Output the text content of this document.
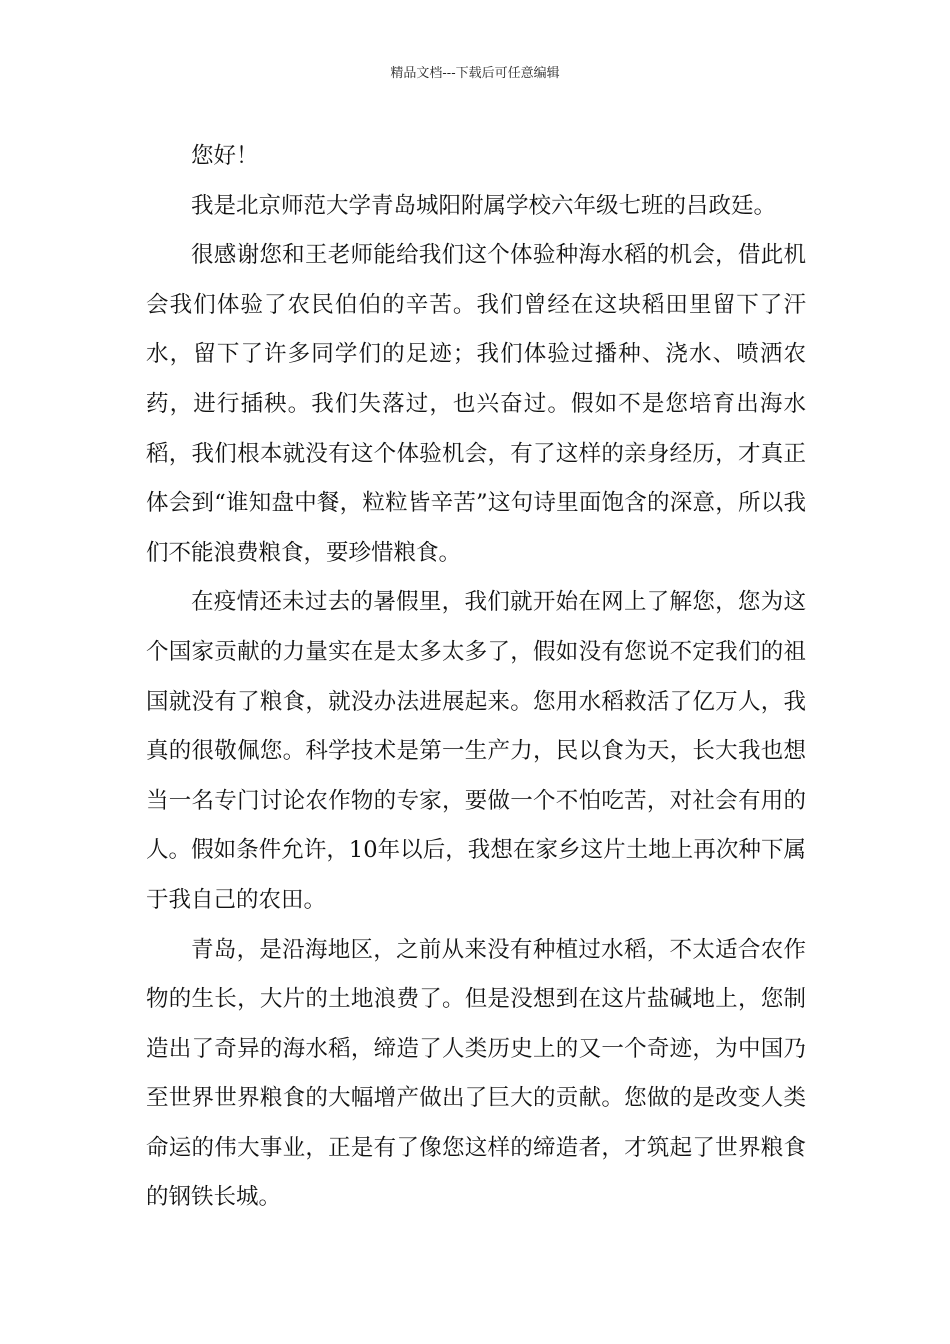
精品文档---下载后可任意编辑

您好！

我是北京师范大学青岛城阳附属学校六年级七班的吕政廷。

很感谢您和王老师能给我们这个体验种海水稻的机会，借此机会我们体验了农民伯伯的辛苦。我们曾经在这块稻田里留下了汗水，留下了许多同学们的足迹；我们体验过播种、浇水、喷洒农药，进行插秧。我们失落过，也兴奋过。假如不是您培育出海水稻，我们根本就没有这个体验机会，有了这样的亲身经历，才真正体会到“谁知盘中餐，粒粒皆辛苦”这句诗里面饱含的深意，所以我们不能浪费粮食，要珍惜粮食。

在疫情还未过去的暑假里，我们就开始在网上了解您，您为这个国家贡献的力量实在是太多太多了，假如没有您说不定我们的祖国就没有了粮食，就没办法进展起来。您用水稻救活了亿万人，我真的很敬佩您。科学技术是第一生产力，民以食为天，长大我也想当一名专门讨论农作物的专家，要做一个不怕吃苦，对社会有用的人。假如条件允许，10年以后，我想在家乡这片土地上再次种下属于我自己的农田。

青岛，是沿海地区，之前从来没有种植过水稻，不太适合农作物的生长，大片的土地浪费了。但是没想到在这片盐碱地上，您制造出了奇异的海水稻，缔造了人类历史上的又一个奇迹，为中国乃至世界世界粮食的大幅增产做出了巨大的贡献。您做的是改变人类命运的伟大事业，正是有了像您这样的缔造者，才筑起了世界粮食的钢铁长城。
